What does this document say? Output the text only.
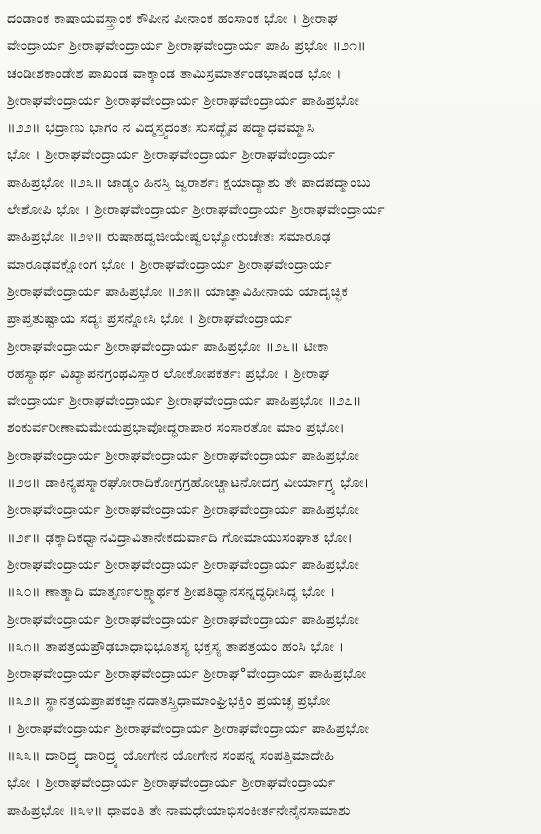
ದಂಡಾಂಕ ಕಾಷಾಯವಸ್ತ್ರಾಂಕ ಕೌಪೀನ ಪೀನಾಂಕ ಹಂಸಾಂಕ ಭೋ । ಶ್ರೀರಾಘ
ವೇಂದ್ರಾರ್ಯ ಶ್ರೀರಾಘವೇಂದ್ರಾರ್ಯ ಶ್ರೀರಾಘವೇಂದ್ರಾರ್ಯ ಪಾಹಿ ಪ್ರಭೋ ॥೨೧॥
ಚಂಡೀಶಕಾಂಡೇಶ ಪಾಖಂಡ ವಾಕ್ಕಾಂಡ ತಾಮಿಸ್ರಮಾರ್ತಂಡಭಾಷಂಡ ಭೋ ।
ಶ್ರೀರಾಘವೇಂದ್ರಾರ್ಯ ಶ್ರೀರಾಘವೇಂದ್ರಾರ್ಯ ಶ್ರೀರಾಘವೇಂದ್ರಾರ್ಯ ಪಾಹಿಪ್ರಭೋ
॥೨೨॥ ಭದ್ರಾಣು ಭಾಗಂ ನ ವಿದ್ಮಸ್ತ್ವದಂತಃ ಸುಸದ್ಭೈವ ಪದ್ಮಾಧವಮ್ಮಾಸಿ
ಭೋ । ಶ್ರೀರಾಘವೇಂದ್ರಾರ್ಯ ಶ್ರೀರಾಘವೇಂದ್ರಾರ್ಯ ಶ್ರೀರಾಘವೇಂದ್ರಾರ್ಯ
ಪಾಹಿಪ್ರಭೋ ॥೨೩॥ ಜಾಡ್ಯಂ ಹಿನಸ್ತಿ ಜ್ವರಾರ್ಶಃ ಕ್ಷಯಾದ್ಯಾಶು ತೇ ಪಾದಪದ್ಮಾಂಬು
ಲೇಶೋಪಿ ಭೋ । ಶ್ರೀರಾಘವೇಂದ್ರಾರ್ಯ ಶ್ರೀರಾಘವೇಂದ್ರಾರ್ಯ ಶ್ರೀರಾಘವೇಂದ್ರಾರ್ಯ
ಪಾಹಿಪ್ರಭೋ ॥೨೪॥ ರುಷಾಹದ್ವಜೀಯೇಷ್ವಲಭ್ಯೋರುಚೇತಃ ಸಮಾರೂಢ
ಮಾರೂಢವಕ್ಷೋಂಗ ಭೋ । ಶ್ರೀರಾಘವೇಂದ್ರಾರ್ಯ ಶ್ರೀರಾಘವೇಂದ್ರಾರ್ಯ
ಶ್ರೀರಾಘವೇಂದ್ರಾರ್ಯ ಪಾಹಿಪ್ರಭೋ ॥೨೫॥ ಯಾಚ್ಞಾವಿಹೀನಾಯ ಯಾದೃಚ್ಛಿಕ
ಪ್ರಾಪ್ತತುಷ್ಟಾಯ ಸದ್ಯಃ ಪ್ರಸನ್ನೋಸಿ ಭೋ । ಶ್ರೀರಾಘವೇಂದ್ರಾರ್ಯ
ಶ್ರೀರಾಘವೇಂದ್ರಾರ್ಯ ಶ್ರೀರಾಘವೇಂದ್ರಾರ್ಯ ಪಾಹಿಪ್ರಭೋ ॥೨೬॥ ಟೀಕಾ
ರಹಸ್ಯಾರ್ಥ ವಿಖ್ಯಾಪನಗ್ರಂಥವಿಸ್ತಾರ ಲೋಕೋಪಕರ್ತಃ ಪ್ರಭೋ । ಶ್ರೀರಾಘ
ವೇಂದ್ರಾರ್ಯ ಶ್ರೀರಾಘವೇಂದ್ರಾರ್ಯ ಶ್ರೀರಾಘವೇಂದ್ರಾರ್ಯ ಪಾಹಿಪ್ರಭೋ ॥೨೭॥
ಶಂಕುರ್ವರೀಣಾಮಮೇಯಪ್ರಭಾವೋದ್ಧರಾಪಾರ ಸಂಸಾರತೋ ಮಾಂ ಪ್ರಭೋ।
ಶ್ರೀರಾಘವೇಂದ್ರಾರ್ಯ ಶ್ರೀರಾಘವೇಂದ್ರಾರ್ಯ ಶ್ರೀರಾಘವೇಂದ್ರಾರ್ಯ ಪಾಹಿಪ್ರಭೋ
॥೨೮॥ ಡಾಕಿನ್ಯಪಸ್ಮಾರಘೋರಾದಿಕೋಗ್ರಗ್ರಹೋಚ್ಚಾಟನೋದಗ್ರ ವೀರ್ಯಾಗ್ರ್ಯ ಭೋ।
ಶ್ರೀರಾಘವೇಂದ್ರಾರ್ಯ ಶ್ರೀರಾಘವೇಂದ್ರಾರ್ಯ ಶ್ರೀರಾಘವೇಂದ್ರಾರ್ಯ ಪಾಹಿಪ್ರಭೋ
॥೨೯॥ ಢಕ್ಕಾದಿಕಧ್ವಾನವಿದ್ರಾವಿತಾನೇಕದುರ್ವಾದಿ ಗೋಮಾಯುಸಂಘಾತ ಭೋ।
ಶ್ರೀರಾಘವೇಂದ್ರಾರ್ಯ ಶ್ರೀರಾಘವೇಂದ್ರಾರ್ಯ ಶ್ರೀರಾಘವೇಂದ್ರಾರ್ಯ ಪಾಹಿಪ್ರಭೋ
॥೩೦॥ ಣಾತ್ಮಾದಿ ಮಾತೃರ್ಣಲಕ್ಷ್ಮಾರ್ಥಕ ಶ್ರೀಪತಿಧ್ಯಾನಸನ್ನದ್ಧಧೀಸಿದ್ಧ ಭೋ ।
ಶ್ರೀರಾಘವೇಂದ್ರಾರ್ಯ ಶ್ರೀರಾಘವೇಂದ್ರಾರ್ಯ ಶ್ರೀರಾಘವೇಂದ್ರಾರ್ಯ ಪಾಹಿಪ್ರಭೋ
॥೩೧॥ ತಾಪತ್ರಯಪ್ರೌಢಬಾಧಾಭಿಭೂತಸ್ಯ ಭಕ್ತಸ್ಯ ತಾಪತ್ರಯಂ ಹಂಸಿ ಭೋ ।
ಶ್ರೀರಾಘವೇಂದ್ರಾರ್ಯ ಶ್ರೀರಾಘವೇಂದ್ರಾರ್ಯ ಶ್ರೀರಾಘ°ವೇಂದ್ರಾರ್ಯ ಪಾಹಿಪ್ರಭೋ
॥೩೨॥ ಸ್ಥಾನತ್ರಯಪ್ರಾಪಕಜ್ಞಾನದಾತಸ್ತ್ರಿಧಾಮಾಂಘ್ರಿಭಕ್ತಿಂ ಪ್ರಯಚ್ಛ ಪ್ರಭೋ
। ಶ್ರೀರಾಘವೇಂದ್ರಾರ್ಯ ಶ್ರೀರಾಘವೇಂದ್ರಾರ್ಯ ಶ್ರೀರಾಘವೇಂದ್ರಾರ್ಯ ಪಾಹಿಪ್ರಭೋ
॥೩೩॥ ದಾರಿದ್ರ್ಯ ದಾರಿದ್ರ್ಯ ಯೋಗೇನ ಯೋಗೇನ ಸಂಪನ್ನ ಸಂಪತ್ತಿಮಾದೇಹಿ
ಭೋ । ಶ್ರೀರಾಘವೇಂದ್ರಾರ್ಯ ಶ್ರೀರಾಘವೇಂದ್ರಾರ್ಯ ಶ್ರೀರಾಘವೇಂದ್ರಾರ್ಯ
ಪಾಹಿಪ್ರಭೋ ॥೩೪॥ ಧಾವಂತಿ ತೇ ನಾಮಧೇಯಾಭಿಸಂಕೀರ್ತನೇನೈನಸಾಮಾಶು
